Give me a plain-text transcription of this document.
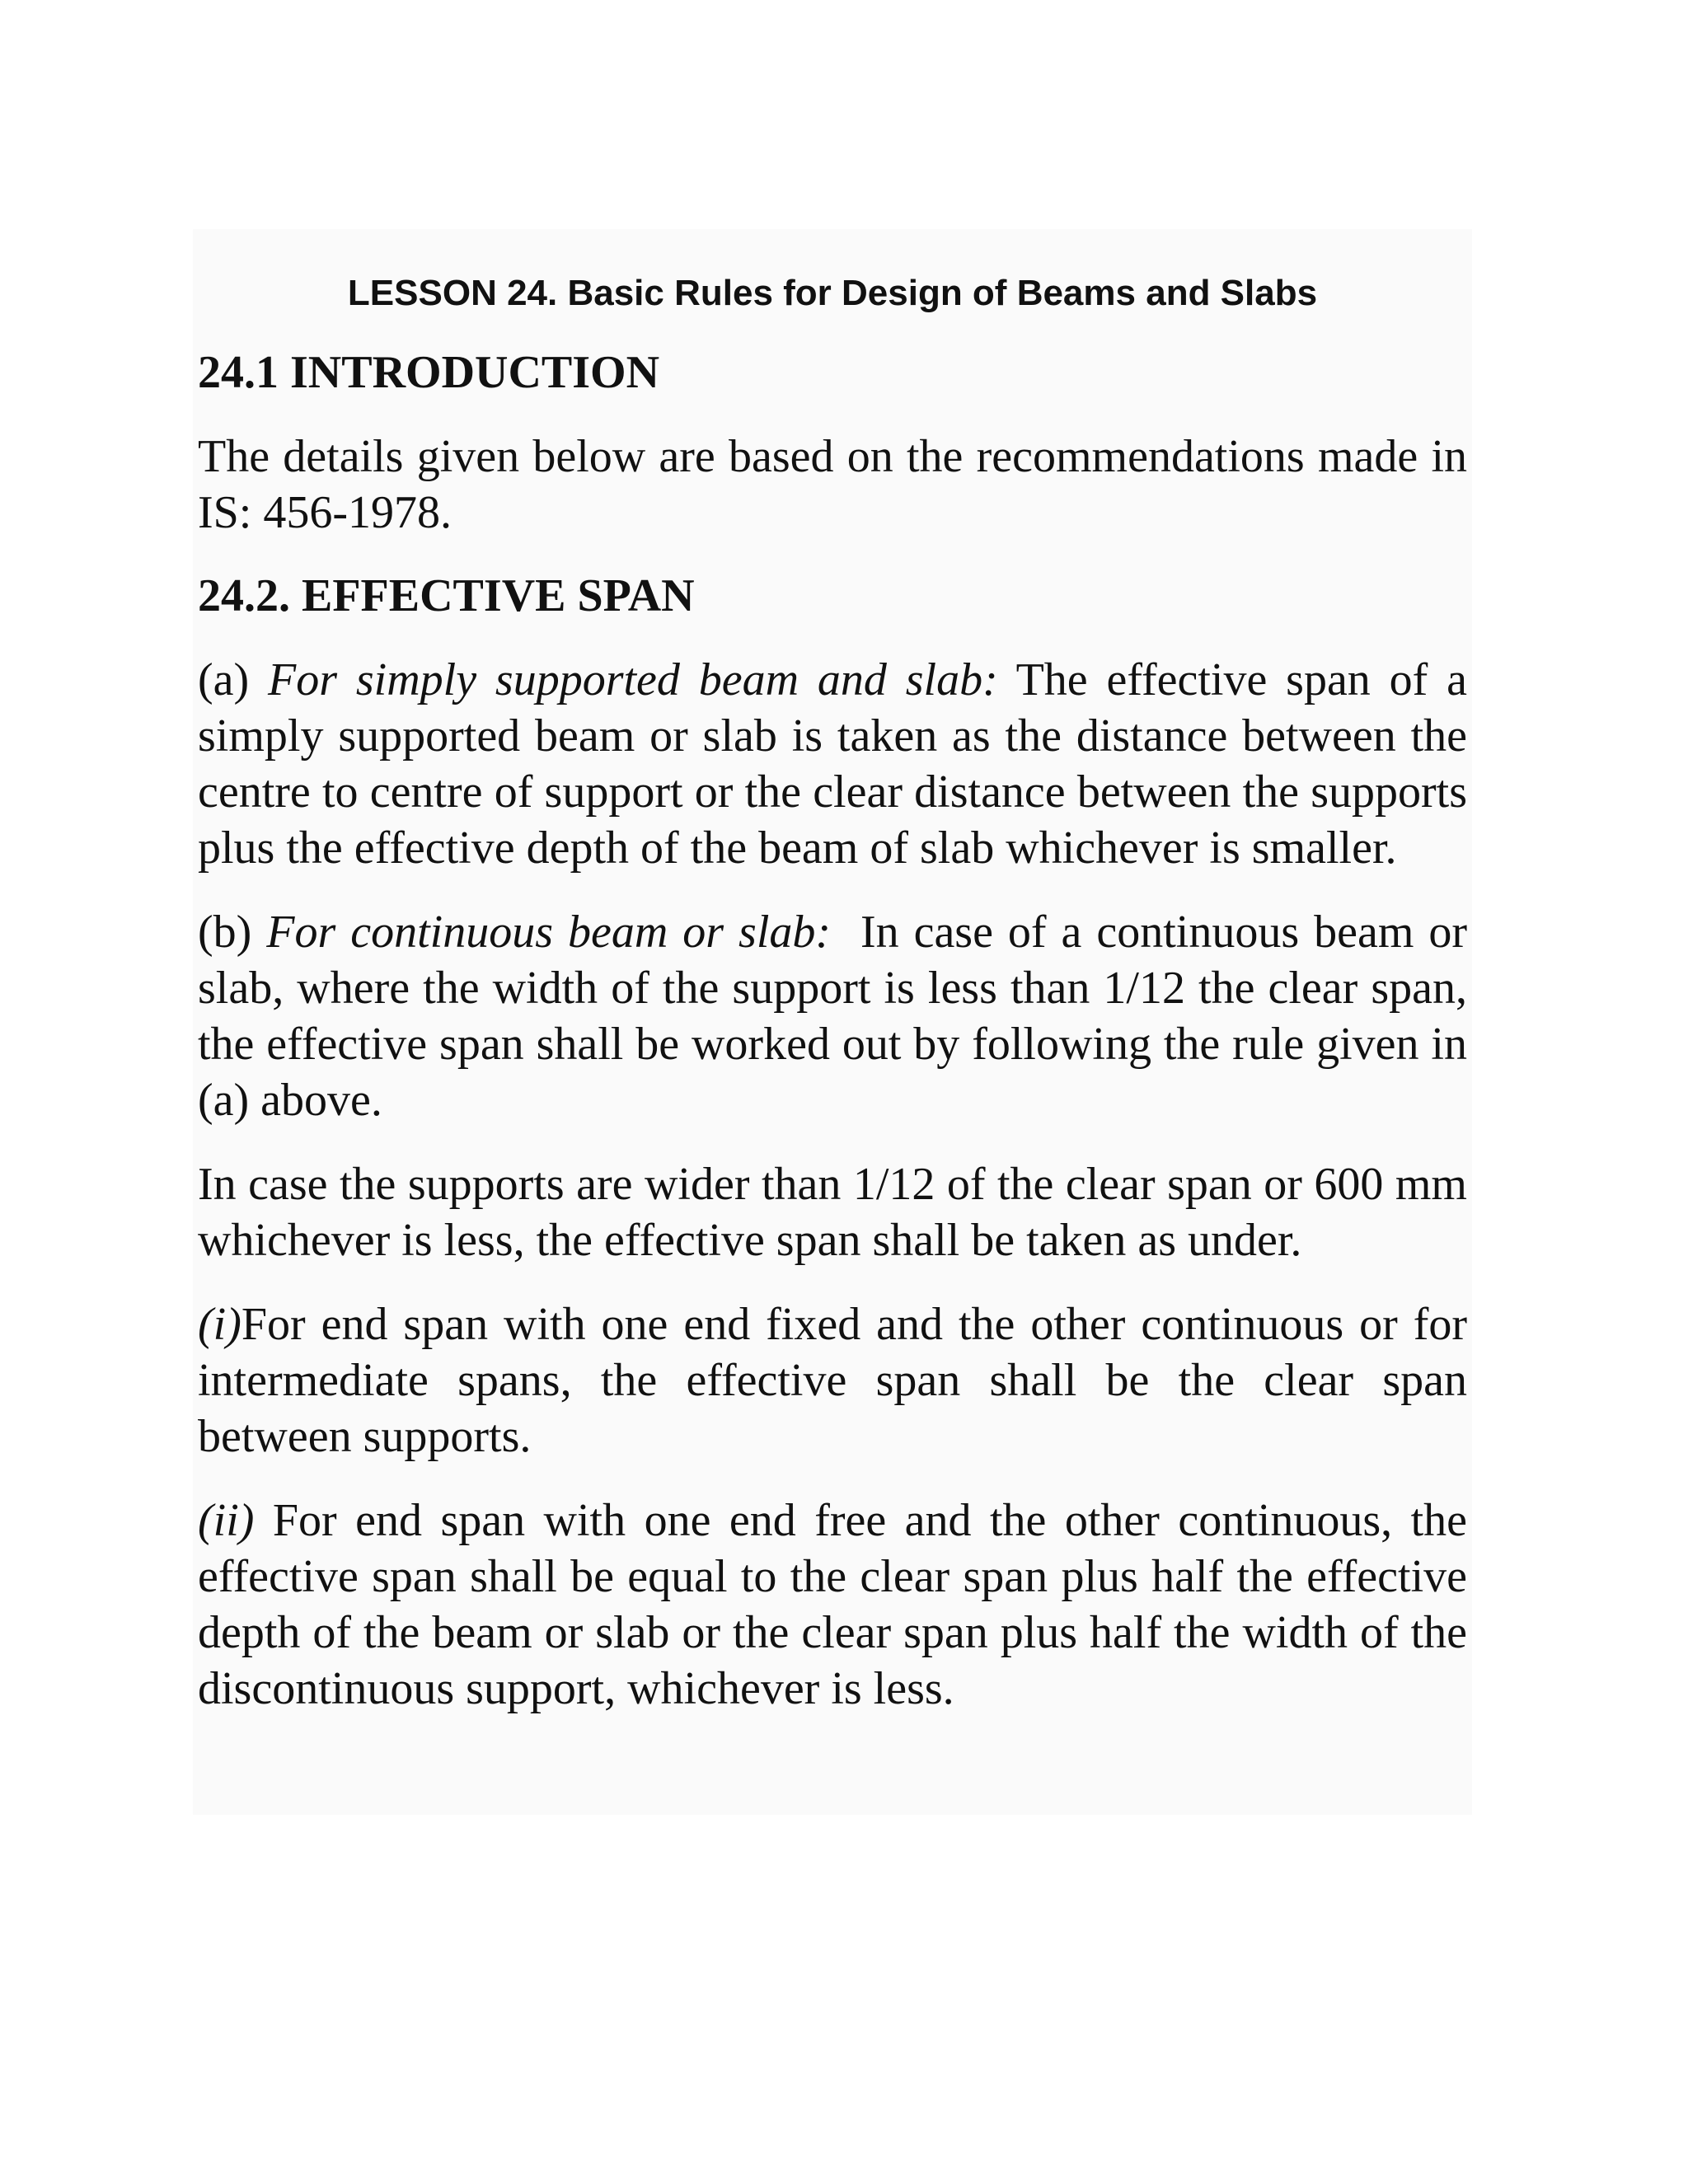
LESSON 24. Basic Rules for Design of Beams and Slabs
24.1 INTRODUCTION

The details given below are based on the recommendations made in IS: 456-1978.

24.2. EFFECTIVE SPAN

(a) For simply supported beam and slab: The effective span of a simply supported beam or slab is taken as the distance between the centre to centre of support or the clear distance between the supports plus the effective depth of the beam of slab whichever is smaller.

(b) For continuous beam or slab:  In case of a continuous beam or slab, where the width of the support is less than 1/12 the clear span, the effective span shall be worked out by following the rule given in (a) above.

In case the supports are wider than 1/12 of the clear span or 600 mm whichever is less, the effective span shall be taken as under.

(i)For end span with one end fixed and the other continuous or for intermediate spans, the effective span shall be the clear span between supports.

(ii) For end span with one end free and the other continuous, the effective span shall be equal to the clear span plus half the effective depth of the beam or slab or the clear span plus half the width of the discontinuous support, whichever is less.
